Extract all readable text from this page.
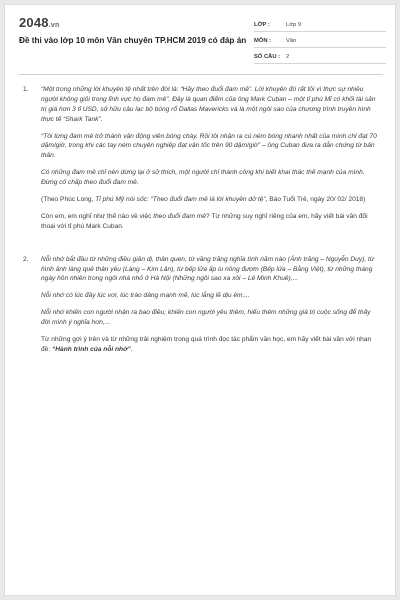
2048.vn
Đề thi vào lớp 10 môn Văn chuyên TP.HCM 2019 có đáp án
LỚP :	Lớp 9
MÔN :	Văn
SỐ CÂU :	2
1.	“Một trong những lời khuyên tệ nhất trên đời là: “Hãy theo đuổi đam mê”. Lời khuyên đó rất tồi vì thực sự nhiều người không giỏi trong lĩnh vực họ đam mê”. Đây là quan điểm của ông Mark Cuban – một tỉ phú Mĩ có khối tài sản trị giá hơn 3 tỉ USD, sở hữu câu lạc bộ bóng rổ Dallas Mavericks và là một ngôi sao của chương trình truyền hình thực tế “Shark Tank”.

“Tôi từng đam mê trở thành vận động viên bóng chày. Rồi tôi nhận ra cú ném bóng nhanh nhất của mình chỉ đạt 70 dặm/giờ, trong khi các tay ném chuyên nghiệp đạt vận tốc trên 90 dặm/giờ” – ông Cuban đưa ra dẫn chứng từ bản thân.

Có những đam mê chỉ nên dừng lại ở sở thích, một người chỉ thành công khi biết khai thác thế mạnh của mình. Đừng cố chấp theo đuổi đam mê.

(Theo Phúc Long, Tỉ phú Mỹ nói sốc: “Theo đuổi đam mê là lời khuyên dở tệ”, Báo Tuổi Trẻ, ngày 20/ 02/ 2018)

Còn em, em nghĩ như thế nào về việc theo đuổi đam mê? Từ những suy nghĩ riêng của em, hãy viết bài văn đối thoại với tỉ phú Mark Cuban.

2.	Nỗi nhớ bắt đầu từ những điều giản dị, thân quen, từ vầng trăng nghĩa tình năm nào (Ánh trăng – Nguyễn Duy), từ hình ảnh làng quê thân yêu (Làng – Kim Lân), từ bếp lửa ấp iu nồng đượm (Bếp lửa – Bằng Việt), từ những tháng ngày hồn nhiên trong ngôi nhà nhỏ ở Hà Nội (Những ngôi sao xa xôi – Lê Minh Khuê),...

Nỗi nhớ có lúc đầy lúc vơi, lúc trào dâng mạnh mẽ, lúc lắng lẽ dịu êm,...

Nỗi nhớ khiến con người nhận ra bao điều; khiến con người yêu thêm, hiểu thêm những giá trị cuộc sống để thấy đời mình ý nghĩa hơn,...

Từ những gợi ý trên và từ những trải nghiệm trong quá trình đọc tác phẩm văn học, em hãy viết bài văn với nhan đề: “Hành trình của nỗi nhớ”.
